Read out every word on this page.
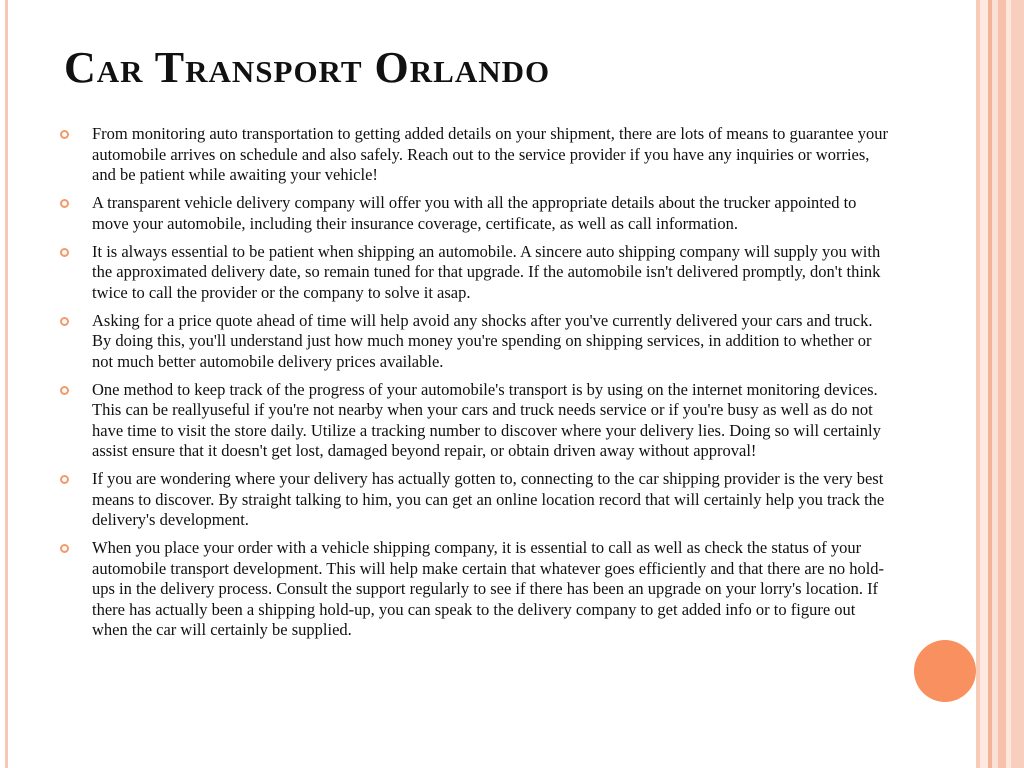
Car Transport Orlando
From monitoring auto transportation to getting added details on your shipment, there are lots of means to guarantee your automobile arrives on schedule and also safely. Reach out to the service provider if you have any inquiries or worries, and be patient while awaiting your vehicle!
A transparent vehicle delivery company will offer you with all the appropriate details about the trucker appointed to move your automobile, including their insurance coverage, certificate, as well as call information.
It is always essential to be patient when shipping an automobile. A sincere auto shipping company will supply you with the approximated delivery date, so remain tuned for that upgrade. If the automobile isn't delivered promptly, don't think twice to call the provider or the company to solve it asap.
Asking for a price quote ahead of time will help avoid any shocks after you've currently delivered your cars and truck. By doing this, you'll understand just how much money you're spending on shipping services, in addition to whether or not much better automobile delivery prices available.
One method to keep track of the progress of your automobile's transport is by using on the internet monitoring devices. This can be reallyuseful if you're not nearby when your cars and truck needs service or if you're busy as well as do not have time to visit the store daily. Utilize a tracking number to discover where your delivery lies. Doing so will certainly assist ensure that it doesn't get lost, damaged beyond repair, or obtain driven away without approval!
If you are wondering where your delivery has actually gotten to, connecting to the car shipping provider is the very best means to discover. By straight talking to him, you can get an online location record that will certainly help you track the delivery's development.
When you place your order with a vehicle shipping company, it is essential to call as well as check the status of your automobile transport development. This will help make certain that whatever goes efficiently and that there are no hold-ups in the delivery process. Consult the support regularly to see if there has been an upgrade on your lorry's location. If there has actually been a shipping hold-up, you can speak to the delivery company to get added info or to figure out when the car will certainly be supplied.
